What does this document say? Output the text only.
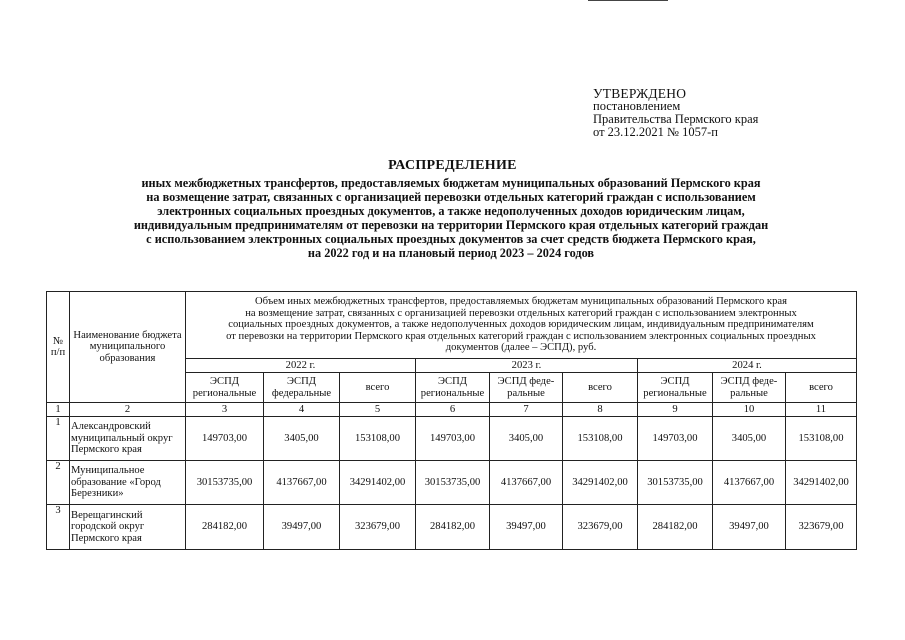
УТВЕРЖДЕНО
постановлением
Правительства Пермского края
от 23.12.2021 № 1057-п
РАСПРЕДЕЛЕНИЕ
иных межбюджетных трансфертов, предоставляемых бюджетам муниципальных образований Пермского края
на возмещение затрат, связанных с организацией перевозки отдельных категорий граждан с использованием
электронных социальных проездных документов, а также недополученных доходов юридическим лицам,
индивидуальным предпринимателям от перевозки на территории Пермского края отдельных категорий граждан
с использованием электронных социальных проездных документов за счет средств бюджета Пермского края,
на 2022 год и на плановый период 2023 – 2024 годов
№ п/п	Наименование бюджета муниципального образования	Объем иных межбюджетных трансфертов, предоставляемых бюджетам муниципальных образований Пермского края
на возмещение затрат, связанных с организацией перевозки отдельных категорий граждан с использованием электронных
социальных проездных документов, а также недополученных доходов юридическим лицам, индивидуальным предпринимателям
от перевозки на территории Пермского края отдельных категорий граждан с использованием электронных социальных проездных
документов (далее – ЭСПД), руб.								

		2022 г.			2023 г.			2024 г.		
		ЭСПД региональные	ЭСПД федеральные	всего	ЭСПД региональные	ЭСПД феде-ральные	всего	ЭСПД региональные	ЭСПД феде-ральные	всего
1	2	3	4	5	6	7	8	9	10	11
1	Александровский муниципальный округ Пермского края	149703,00	3405,00	153108,00	149703,00	3405,00	153108,00	149703,00	3405,00	153108,00
2	Муниципальное образование «Город Березники»	30153735,00	4137667,00	34291402,00	30153735,00	4137667,00	34291402,00	30153735,00	4137667,00	34291402,00
3	Верещагинский городской округ Пермского края	284182,00	39497,00	323679,00	284182,00	39497,00	323679,00	284182,00	39497,00	323679,00
